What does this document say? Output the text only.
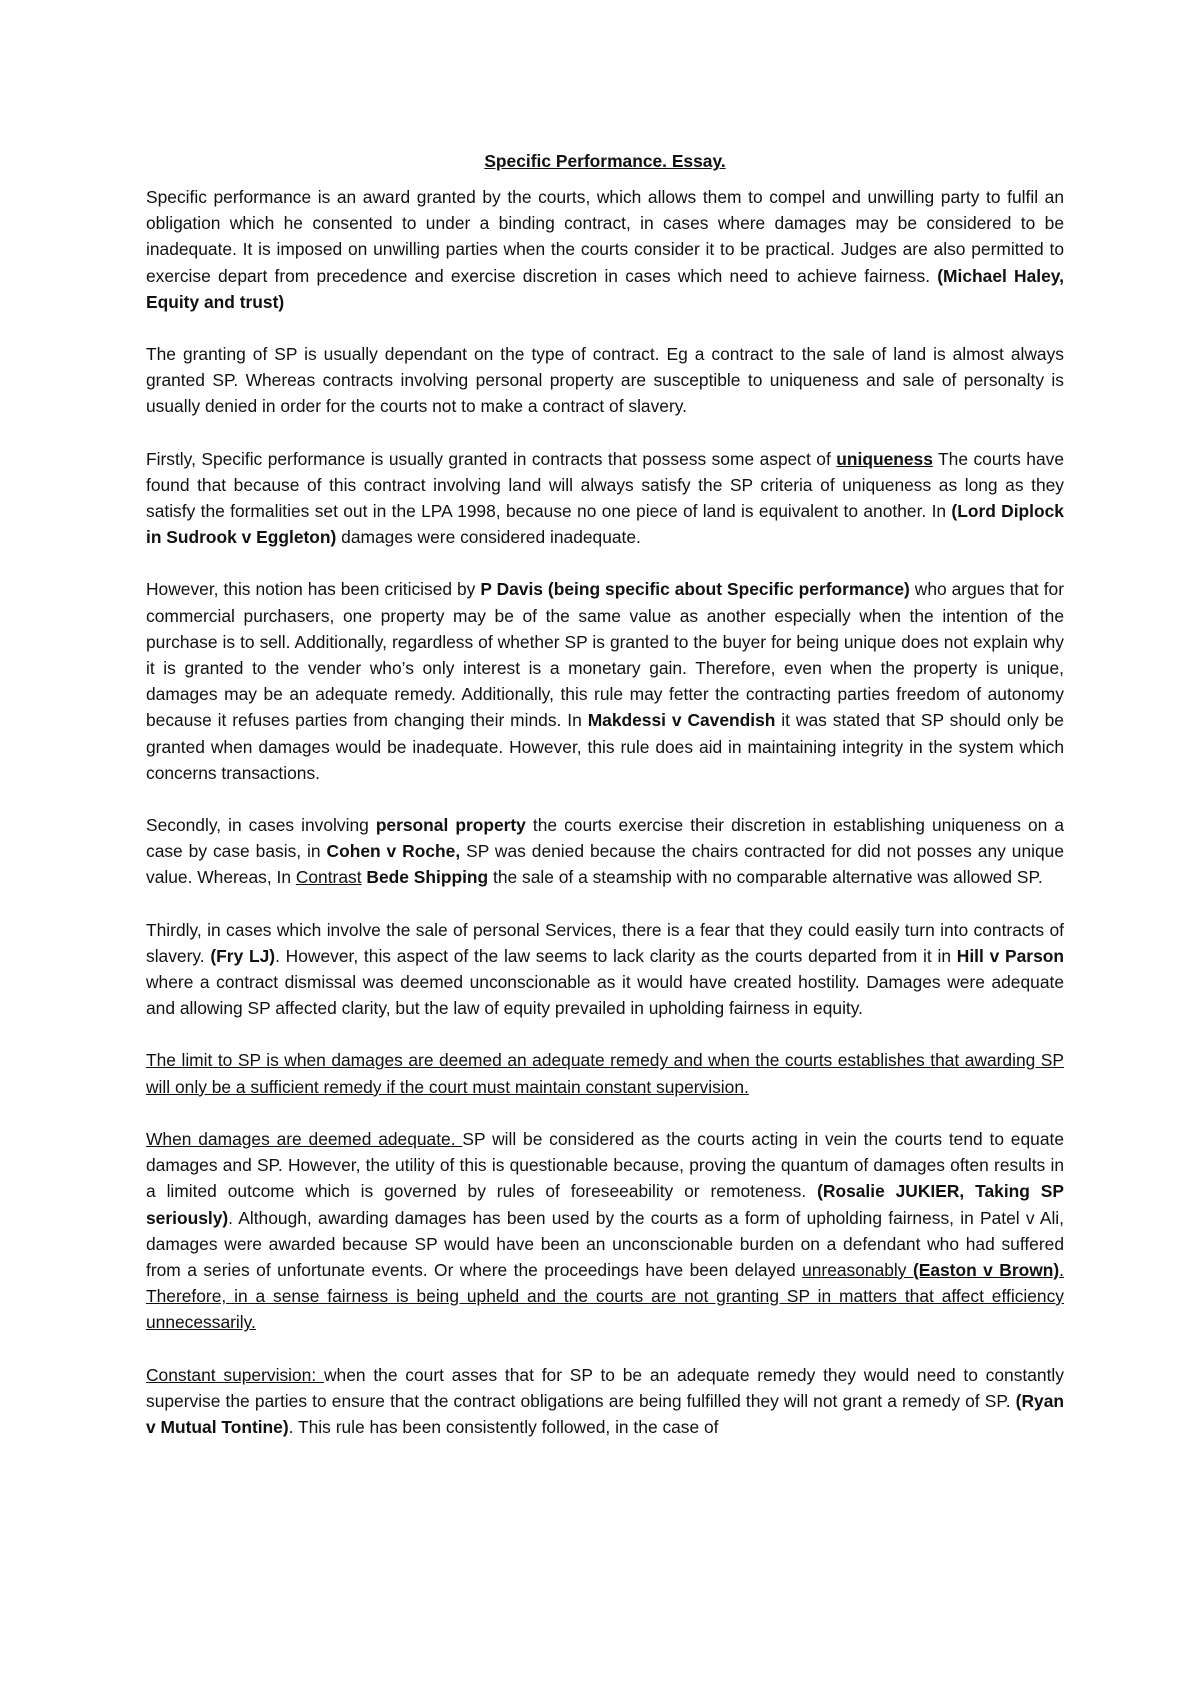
Specific Performance. Essay.

Specific performance is an award granted by the courts, which allows them to compel and unwilling party to fulfil an obligation which he consented to under a binding contract, in cases where damages may be considered to be inadequate. It is imposed on unwilling parties when the courts consider it to be practical. Judges are also permitted to exercise depart from precedence and exercise discretion in cases which need to achieve fairness. (Michael Haley, Equity and trust)

The granting of SP is usually dependant on the type of contract. Eg a contract to the sale of land is almost always granted SP. Whereas contracts involving personal property are susceptible to uniqueness and sale of personalty is usually denied in order for the courts not to make a contract of slavery.

Firstly, Specific performance is usually granted in contracts that possess some aspect of uniqueness The courts have found that because of this contract involving land will always satisfy the SP criteria of uniqueness as long as they satisfy the formalities set out in the LPA 1998, because no one piece of land is equivalent to another. In (Lord Diplock in Sudrook v Eggleton) damages were considered inadequate.

However, this notion has been criticised by P Davis (being specific about Specific performance) who argues that for commercial purchasers, one property may be of the same value as another especially when the intention of the purchase is to sell. Additionally, regardless of whether SP is granted to the buyer for being unique does not explain why it is granted to the vender who’s only interest is a monetary gain. Therefore, even when the property is unique, damages may be an adequate remedy. Additionally, this rule may fetter the contracting parties freedom of autonomy because it refuses parties from changing their minds. In Makdessi v Cavendish it was stated that SP should only be granted when damages would be inadequate. However, this rule does aid in maintaining integrity in the system which concerns transactions.

Secondly, in cases involving personal property the courts exercise their discretion in establishing uniqueness on a case by case basis, in Cohen v Roche, SP was denied because the chairs contracted for did not posses any unique value. Whereas, In Contrast Bede Shipping the sale of a steamship with no comparable alternative was allowed SP.

Thirdly, in cases which involve the sale of personal Services, there is a fear that they could easily turn into contracts of slavery. (Fry LJ). However, this aspect of the law seems to lack clarity as the courts departed from it in Hill v Parson where a contract dismissal was deemed unconscionable as it would have created hostility. Damages were adequate and allowing SP affected clarity, but the law of equity prevailed in upholding fairness in equity.

The limit to SP is when damages are deemed an adequate remedy and when the courts establishes that awarding SP will only be a sufficient remedy if the court must maintain constant supervision.

When damages are deemed adequate. SP will be considered as the courts acting in vein the courts tend to equate damages and SP. However, the utility of this is questionable because, proving the quantum of damages often results in a limited outcome which is governed by rules of foreseeability or remoteness. (Rosalie JUKIER, Taking SP seriously). Although, awarding damages has been used by the courts as a form of upholding fairness, in Patel v Ali, damages were awarded because SP would have been an unconscionable burden on a defendant who had suffered from a series of unfortunate events. Or where the proceedings have been delayed unreasonably (Easton v Brown). Therefore, in a sense fairness is being upheld and the courts are not granting SP in matters that affect efficiency unnecessarily.

Constant supervision: when the court asses that for SP to be an adequate remedy they would need to constantly supervise the parties to ensure that the contract obligations are being fulfilled they will not grant a remedy of SP. (Ryan v Mutual Tontine). This rule has been consistently followed, in the case of
